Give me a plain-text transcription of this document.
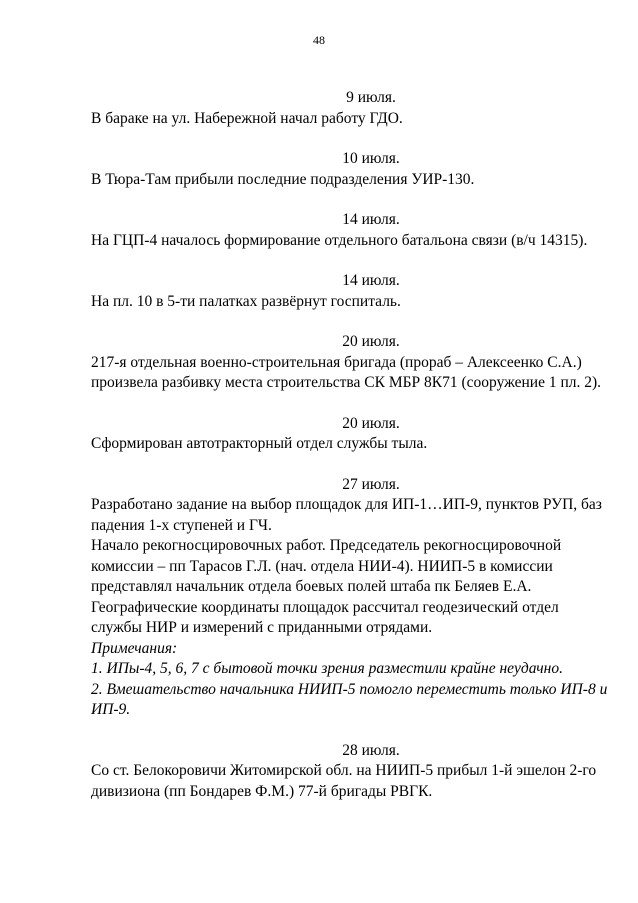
48
9 июля.

В бараке на ул. Набережной начал работу ГДО.

10 июля.

В Тюра-Там прибыли последние подразделения УИР-130.

14 июля.

На ГЦП-4 началось формирование отдельного батальона связи (в/ч 14315).

14 июля.

На пл. 10 в 5-ти палатках развёрнут госпиталь.

20 июля.

217-я отдельная военно-строительная бригада (прораб – Алексеенко С.А.) произвела разбивку места строительства СК МБР 8К71 (сооружение 1 пл. 2).

20 июля.

Сформирован автотракторный отдел службы тыла.

27 июля.

Разработано задание на выбор площадок для ИП-1…ИП-9, пунктов РУП, баз падения 1-х ступеней и ГЧ.

Начало рекогносцировочных работ. Председатель рекогносцировочной комиссии – пп Тарасов Г.Л. (нач. отдела НИИ-4). НИИП-5 в комиссии представлял начальник отдела боевых полей штаба пк Беляев Е.А. Географические координаты площадок рассчитал геодезический отдел службы НИР и измерений с приданными отрядами.

Примечания:

1. ИПы-4, 5, 6, 7 с бытовой точки зрения разместили крайне неудачно.

2. Вмешательство начальника НИИП-5 помогло переместить только ИП-8 и ИП-9.

28 июля.

Со ст. Белокоровичи Житомирской обл. на НИИП-5 прибыл 1-й эшелон 2-го дивизиона (пп Бондарев Ф.М.) 77-й бригады РВГК.
